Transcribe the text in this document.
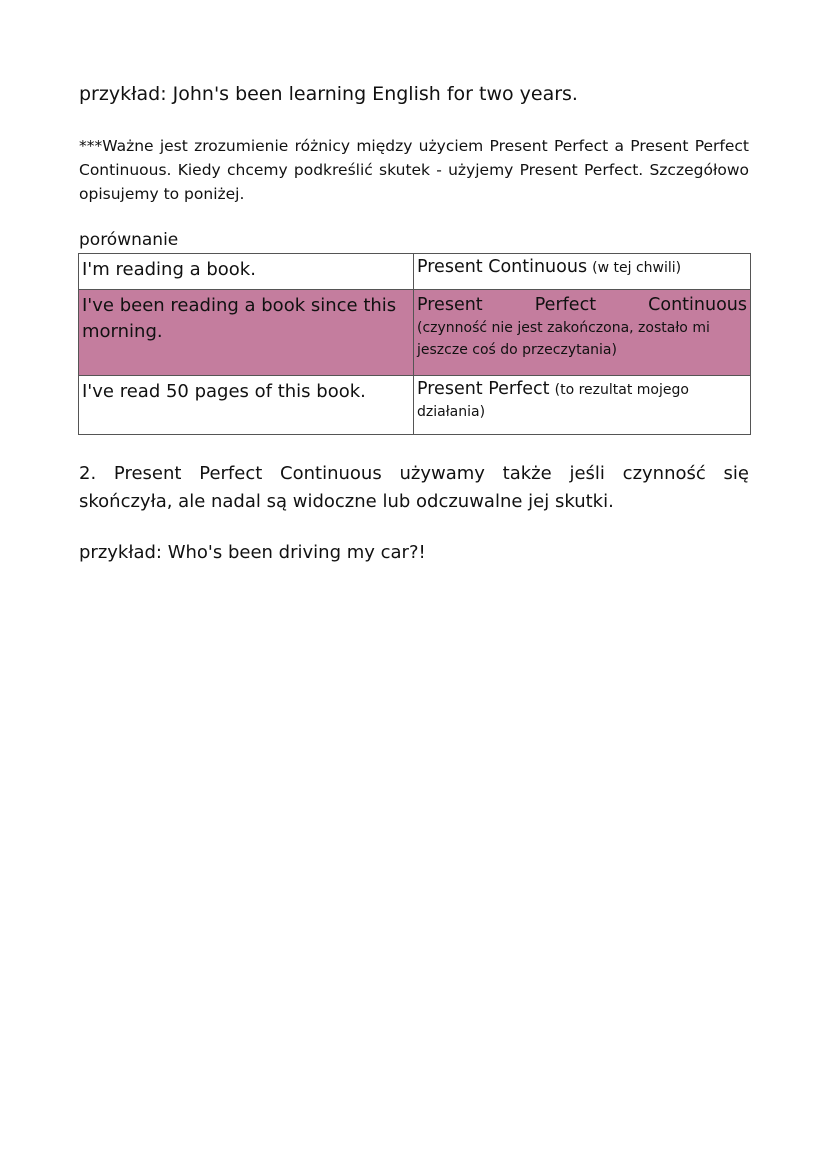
przykład: John's been learning English for two years.
***Ważne jest zrozumienie różnicy między użyciem Present Perfect a Present Perfect Continuous. Kiedy chcemy podkreślić skutek - użyjemy Present Perfect. Szczegółowo opisujemy to poniżej.
porównanie
I'm reading a book.	Present Continuous (w tej chwili)

I've been reading a book since this morning.	Present Perfect Continuous
(czynność nie jest zakończona, zostało mi jeszcze coś do przeczytania)

I've read 50 pages of this book.	Present Perfect (to rezultat mojego działania)
2. Present Perfect Continuous używamy także jeśli czynność się skończyła, ale nadal są widoczne lub odczuwalne jej skutki.
przykład: Who's been driving my car?!
